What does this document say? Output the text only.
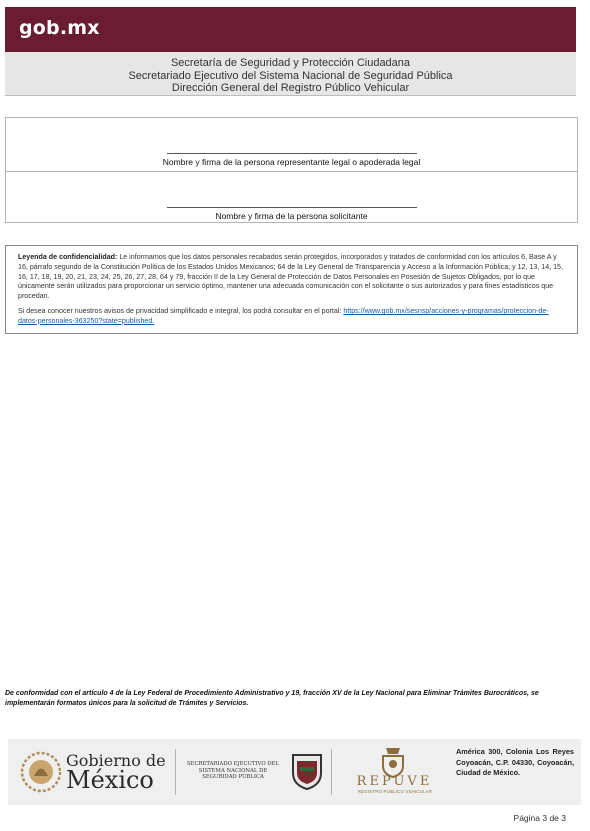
gob.mx
Secretaría de Seguridad y Protección Ciudadana
Secretariado Ejecutivo del Sistema Nacional de Seguridad Pública
Dirección General del Registro Público Vehicular
Nombre y firma de la persona representante legal o apoderada legal
Nombre y firma de la persona solicitante

Leyenda de confidencialidad: Le informamos que los datos personales recabados serán protegidos, incorporados y tratados de conformidad con los artículos 6, Base A y 16, párrafo segundo de la Constitución Política de los Estados Unidos Mexicanos; 64 de la Ley General de Transparencia y Acceso a la Información Pública; y 12, 13, 14, 15, 16, 17, 18, 19, 20, 21, 23, 24, 25, 26, 27, 28, 64 y 79, fracción II de la Ley General de Protección de Datos Personales en Posesión de Sujetos Obligados, por lo que únicamente serán utilizados para proporcionar un servicio óptimo, mantener una adecuada comunicación con el solicitante o sus autorizados y para fines estadísticos que procedan.

Si desea conocer nuestros avisos de privacidad simplificado e integral, los podrá consultar en el portal: https://www.gob.mx/sesnsp/acciones-y-programas/proteccion-de-datos-personales-363250?state=published.

De conformidad con el artículo 4 de la Ley Federal de Procedimiento Administrativo y 19, fracción XV de la Ley Nacional para Eliminar Trámites Burocráticos, se implementarán formatos únicos para la solicitud de Trámites y Servicios.
Gobierno de
México
SECRETARIADO EJECUTIVO DEL SISTEMA NACIONAL DE SEGURIDAD PÚBLICA	REPUVE
REGISTRO PÚBLICO VEHICULAR
América 300, Colonia Los Reyes Coyoacán, C.P. 04330, Coyoacán, Ciudad de México.
Página 3 de 3
